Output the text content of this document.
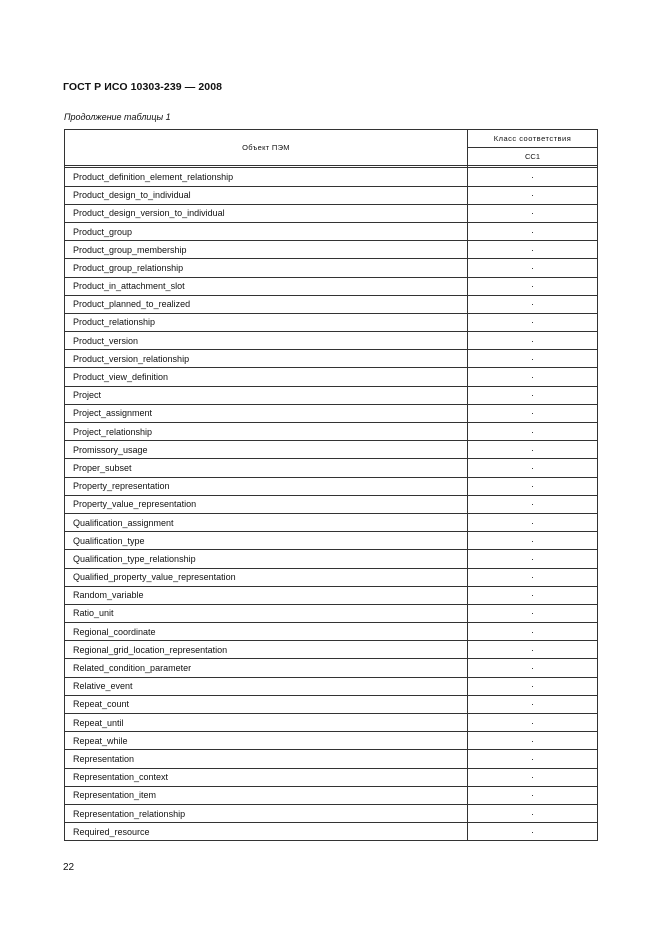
ГОСТ Р ИСО 10303-239 — 2008
Продолжение таблицы 1
Объект ПЭМ	Класс соответствия
	CC1

Product_definition_element_relationship	·
Product_design_to_individual	·
Product_design_version_to_individual	·
Product_group	·
Product_group_membership	·
Product_group_relationship	·
Product_in_attachment_slot	·
Product_planned_to_realized	·
Product_relationship	·
Product_version	·
Product_version_relationship	·
Product_view_definition	·
Project	·
Project_assignment	·
Project_relationship	·
Promissory_usage	·
Proper_subset	·
Property_representation	·
Property_value_representation	·
Qualification_assignment	·
Qualification_type	·
Qualification_type_relationship	·
Qualified_property_value_representation	·
Random_variable	·
Ratio_unit	·
Regional_coordinate	·
Regional_grid_location_representation	·
Related_condition_parameter	·
Relative_event	·
Repeat_count	·
Repeat_until	·
Repeat_while	·
Representation	·
Representation_context	·
Representation_item	·
Representation_relationship	·
Required_resource	·
22
